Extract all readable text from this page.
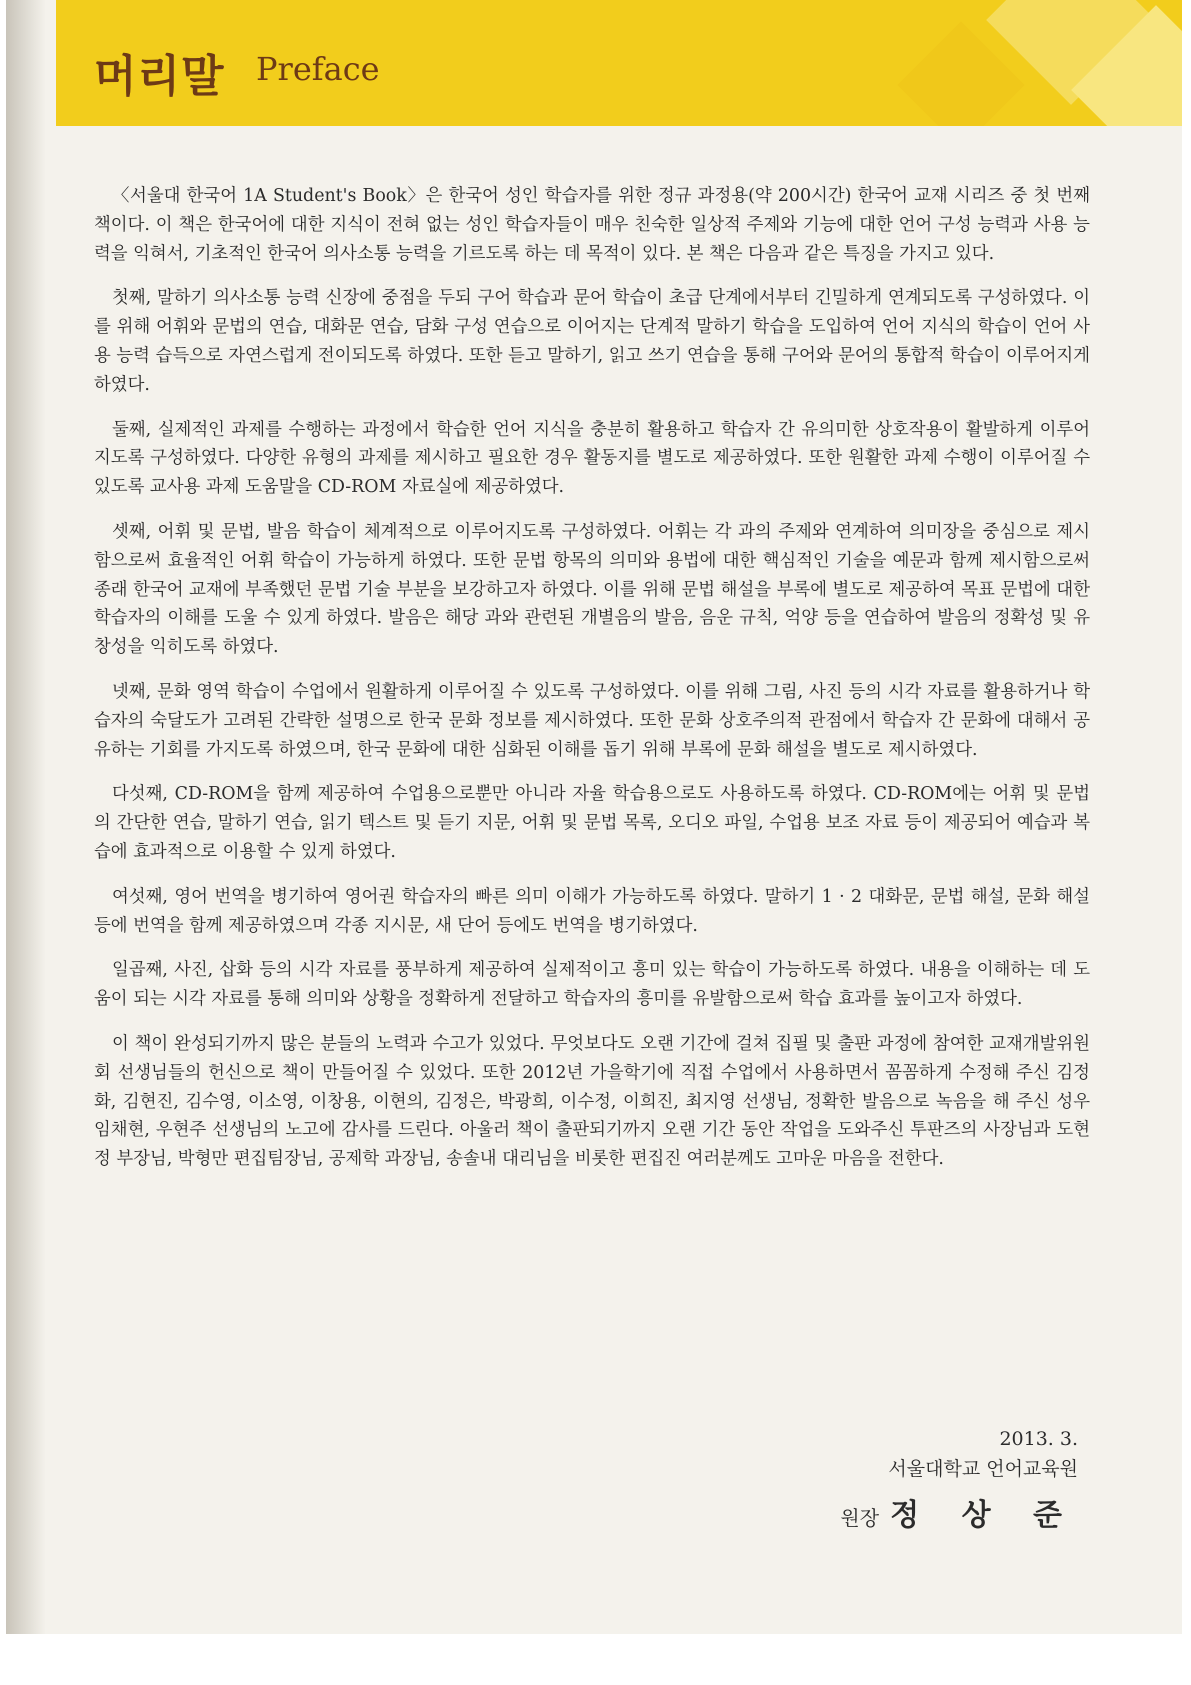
머리말 Preface

〈서울대 한국어 1A Student's Book〉은 한국어 성인 학습자를 위한 정규 과정용(약 200시간) 한국어 교재 시리즈 중 첫 번째 책이다. 이 책은 한국어에 대한 지식이 전혀 없는 성인 학습자들이 매우 친숙한 일상적 주제와 기능에 대한 언어 구성 능력과 사용 능력을 익혀서, 기초적인 한국어 의사소통 능력을 기르도록 하는 데 목적이 있다. 본 책은 다음과 같은 특징을 가지고 있다.

첫째, 말하기 의사소통 능력 신장에 중점을 두되 구어 학습과 문어 학습이 초급 단계에서부터 긴밀하게 연계되도록 구성하였다. 이를 위해 어휘와 문법의 연습, 대화문 연습, 담화 구성 연습으로 이어지는 단계적 말하기 학습을 도입하여 언어 지식의 학습이 언어 사용 능력 습득으로 자연스럽게 전이되도록 하였다. 또한 듣고 말하기, 읽고 쓰기 연습을 통해 구어와 문어의 통합적 학습이 이루어지게 하였다.

둘째, 실제적인 과제를 수행하는 과정에서 학습한 언어 지식을 충분히 활용하고 학습자 간 유의미한 상호작용이 활발하게 이루어지도록 구성하였다. 다양한 유형의 과제를 제시하고 필요한 경우 활동지를 별도로 제공하였다. 또한 원활한 과제 수행이 이루어질 수 있도록 교사용 과제 도움말을 CD-ROM 자료실에 제공하였다.

셋째, 어휘 및 문법, 발음 학습이 체계적으로 이루어지도록 구성하였다. 어휘는 각 과의 주제와 연계하여 의미장을 중심으로 제시함으로써 효율적인 어휘 학습이 가능하게 하였다. 또한 문법 항목의 의미와 용법에 대한 핵심적인 기술을 예문과 함께 제시함으로써 종래 한국어 교재에 부족했던 문법 기술 부분을 보강하고자 하였다. 이를 위해 문법 해설을 부록에 별도로 제공하여 목표 문법에 대한 학습자의 이해를 도울 수 있게 하였다. 발음은 해당 과와 관련된 개별음의 발음, 음운 규칙, 억양 등을 연습하여 발음의 정확성 및 유창성을 익히도록 하였다.

넷째, 문화 영역 학습이 수업에서 원활하게 이루어질 수 있도록 구성하였다. 이를 위해 그림, 사진 등의 시각 자료를 활용하거나 학습자의 숙달도가 고려된 간략한 설명으로 한국 문화 정보를 제시하였다. 또한 문화 상호주의적 관점에서 학습자 간 문화에 대해서 공유하는 기회를 가지도록 하였으며, 한국 문화에 대한 심화된 이해를 돕기 위해 부록에 문화 해설을 별도로 제시하였다.

다섯째, CD-ROM을 함께 제공하여 수업용으로뿐만 아니라 자율 학습용으로도 사용하도록 하였다. CD-ROM에는 어휘 및 문법의 간단한 연습, 말하기 연습, 읽기 텍스트 및 듣기 지문, 어휘 및 문법 목록, 오디오 파일, 수업용 보조 자료 등이 제공되어 예습과 복습에 효과적으로 이용할 수 있게 하였다.

여섯째, 영어 번역을 병기하여 영어권 학습자의 빠른 의미 이해가 가능하도록 하였다. 말하기 1 · 2 대화문, 문법 해설, 문화 해설 등에 번역을 함께 제공하였으며 각종 지시문, 새 단어 등에도 번역을 병기하였다.

일곱째, 사진, 삽화 등의 시각 자료를 풍부하게 제공하여 실제적이고 흥미 있는 학습이 가능하도록 하였다. 내용을 이해하는 데 도움이 되는 시각 자료를 통해 의미와 상황을 정확하게 전달하고 학습자의 흥미를 유발함으로써 학습 효과를 높이고자 하였다.

이 책이 완성되기까지 많은 분들의 노력과 수고가 있었다. 무엇보다도 오랜 기간에 걸쳐 집필 및 출판 과정에 참여한 교재개발위원회 선생님들의 헌신으로 책이 만들어질 수 있었다. 또한 2012년 가을학기에 직접 수업에서 사용하면서 꼼꼼하게 수정해 주신 김정화, 김현진, 김수영, 이소영, 이창용, 이현의, 김정은, 박광희, 이수정, 이희진, 최지영 선생님, 정확한 발음으로 녹음을 해 주신 성우 임채현, 우현주 선생님의 노고에 감사를 드린다. 아울러 책이 출판되기까지 오랜 기간 동안 작업을 도와주신 투판즈의 사장님과 도현정 부장님, 박형만 편집팀장님, 공제학 과장님, 송솔내 대리님을 비롯한 편집진 여러분께도 고마운 마음을 전한다.

2013. 3.
서울대학교 언어교육원
원장 정 상 준
